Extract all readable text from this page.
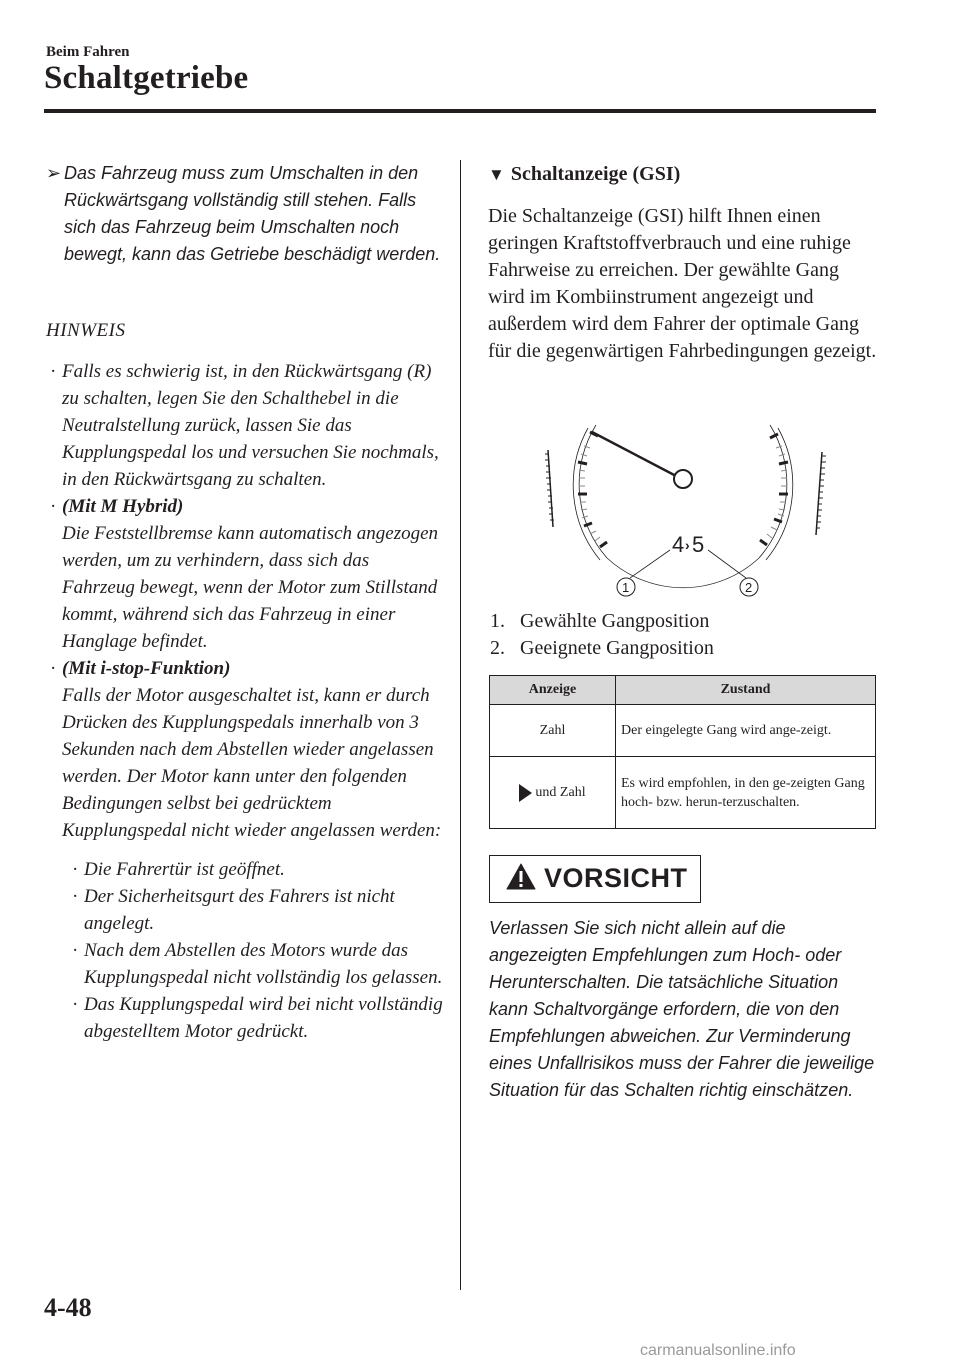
Beim Fahren
Schaltgetriebe
➢ Das Fahrzeug muss zum Umschalten in den Rückwärtsgang vollständig still stehen. Falls sich das Fahrzeug beim Umschalten noch bewegt, kann das Getriebe beschädigt werden.
HINWEIS
· Falls es schwierig ist, in den Rückwärtsgang (R) zu schalten, legen Sie den Schalthebel in die Neutralstellung zurück, lassen Sie das Kupplungspedal los und versuchen Sie nochmals, in den Rückwärtsgang zu schalten.
· (Mit M Hybrid)
Die Feststellbremse kann automatisch angezogen werden, um zu verhindern, dass sich das Fahrzeug bewegt, wenn der Motor zum Stillstand kommt, während sich das Fahrzeug in einer Hanglage befindet.
· (Mit i-stop-Funktion)
Falls der Motor ausgeschaltet ist, kann er durch Drücken des Kupplungspedals innerhalb von 3 Sekunden nach dem Abstellen wieder angelassen werden. Der Motor kann unter den folgenden Bedingungen selbst bei gedrücktem Kupplungspedal nicht wieder angelassen werden:
· Die Fahrertür ist geöffnet.
· Der Sicherheitsgurt des Fahrers ist nicht angelegt.
· Nach dem Abstellen des Motors wurde das Kupplungspedal nicht vollständig los gelassen.
· Das Kupplungspedal wird bei nicht vollständig abgestelltem Motor gedrückt.
▼ Schaltanzeige (GSI)
Die Schaltanzeige (GSI) hilft Ihnen einen geringen Kraftstoffverbrauch und eine ruhige Fahrweise zu erreichen. Der gewählte Gang wird im Kombiinstrument angezeigt und außerdem wird dem Fahrer der optimale Gang für die gegenwärtigen Fahrbedingungen gezeigt.
4 › 5
1	2
1. Gewählte Gangposition
2. Geeignete Gangposition
Anzeige	Zustand
Zahl	Der eingelegte Gang wird ange-zeigt.
und Zahl	Es wird empfohlen, in den ge-zeigten Gang hoch- bzw. herun-terzuschalten.
VORSICHT
Verlassen Sie sich nicht allein auf die angezeigten Empfehlungen zum Hoch- oder Herunterschalten. Die tatsächliche Situation kann Schaltvorgänge erfordern, die von den Empfehlungen abweichen. Zur Verminderung eines Unfallrisikos muss der Fahrer die jeweilige Situation für das Schalten richtig einschätzen.
4-48
carmanualsonline.info
